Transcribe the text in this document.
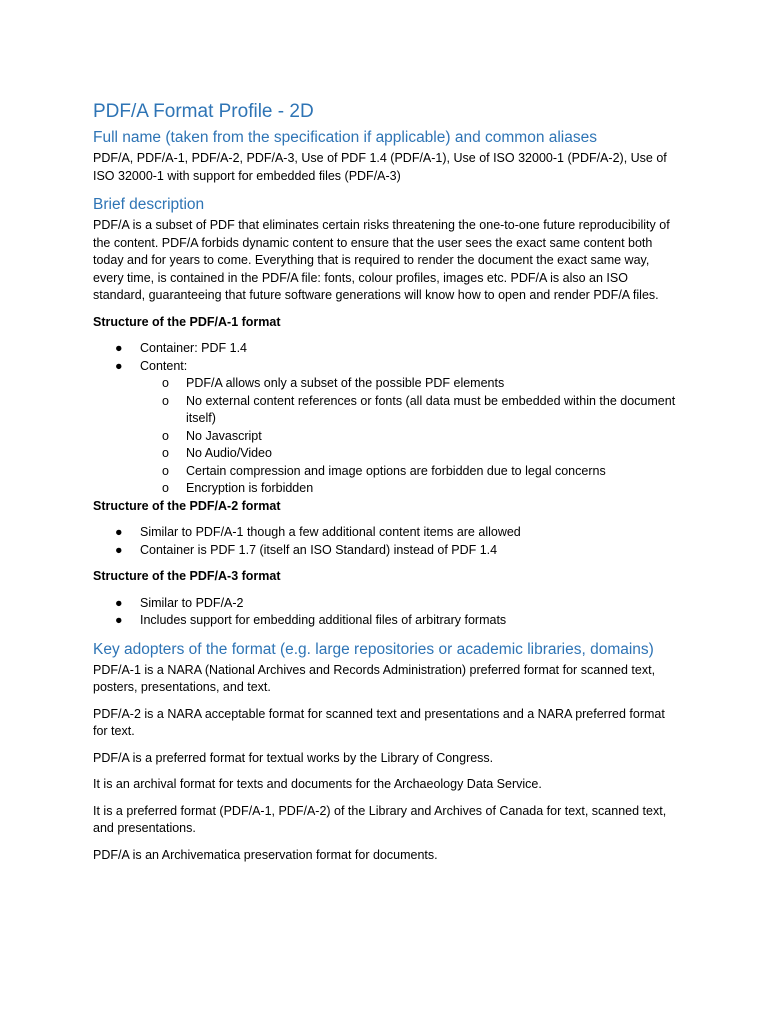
PDF/A Format Profile - 2D
Full name (taken from the specification if applicable) and common aliases

PDF/A, PDF/A-1, PDF/A-2, PDF/A-3, Use of PDF 1.4 (PDF/A-1), Use of ISO 32000-1 (PDF/A-2), Use of ISO 32000-1 with support for embedded files (PDF/A-3)

Brief description

PDF/A is a subset of PDF that eliminates certain risks threatening the one-to-one future reproducibility of the content. PDF/A forbids dynamic content to ensure that the user sees the exact same content both today and for years to come. Everything that is required to render the document the exact same way, every time, is contained in the PDF/A file: fonts, colour profiles, images etc. PDF/A is also an ISO standard, guaranteeing that future software generations will know how to open and render PDF/A files.

Structure of the PDF/A-1 format

● Container: PDF 1.4
● Content:
o PDF/A allows only a subset of the possible PDF elements
o No external content references or fonts (all data must be embedded within the document itself)
o No Javascript
o No Audio/Video
o Certain compression and image options are forbidden due to legal concerns
o Encryption is forbidden

Structure of the PDF/A-2 format

● Similar to PDF/A-1 though a few additional content items are allowed
● Container is PDF 1.7 (itself an ISO Standard) instead of PDF 1.4

Structure of the PDF/A-3 format

● Similar to PDF/A-2
● Includes support for embedding additional files of arbitrary formats
Key adopters of the format (e.g. large repositories or academic libraries, domains)

PDF/A-1 is a NARA (National Archives and Records Administration) preferred format for scanned text, posters, presentations, and text.

PDF/A-2 is a NARA acceptable format for scanned text and presentations and a NARA preferred format for text.

PDF/A is a preferred format for textual works by the Library of Congress.

It is an archival format for texts and documents for the Archaeology Data Service.

It is a preferred format (PDF/A-1, PDF/A-2) of the Library and Archives of Canada for text, scanned text, and presentations.

PDF/A is an Archivematica preservation format for documents.
